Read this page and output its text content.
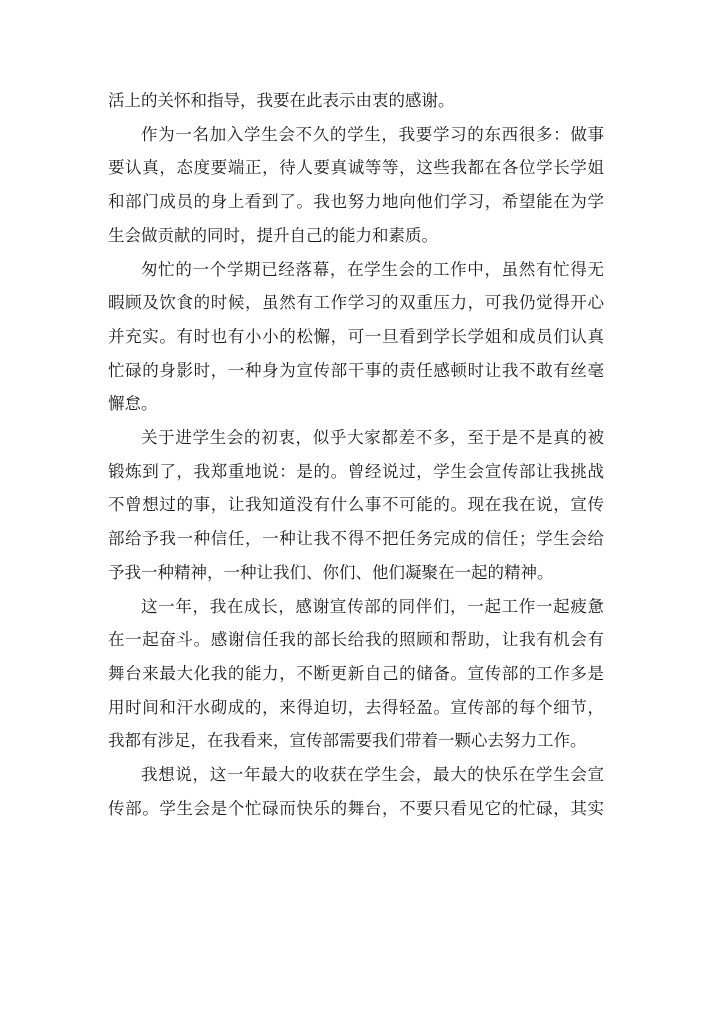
活上的关怀和指导，我要在此表示由衷的感谢。

作为一名加入学生会不久的学生，我要学习的东西很多：做事
要认真，态度要端正，待人要真诚等等，这些我都在各位学长学姐
和部门成员的身上看到了。我也努力地向他们学习，希望能在为学
生会做贡献的同时，提升自己的能力和素质。

匆忙的一个学期已经落幕，在学生会的工作中，虽然有忙得无
暇顾及饮食的时候，虽然有工作学习的双重压力，可我仍觉得开心
并充实。有时也有小小的松懈，可一旦看到学长学姐和成员们认真
忙碌的身影时，一种身为宣传部干事的责任感顿时让我不敢有丝毫
懈怠。

关于进学生会的初衷，似乎大家都差不多，至于是不是真的被
锻炼到了，我郑重地说：是的。曾经说过，学生会宣传部让我挑战
不曾想过的事，让我知道没有什么事不可能的。现在我在说，宣传
部给予我一种信任，一种让我不得不把任务完成的信任；学生会给
予我一种精神，一种让我们、你们、他们凝聚在一起的精神。

这一年，我在成长，感谢宣传部的同伴们，一起工作一起疲惫
在一起奋斗。感谢信任我的部长给我的照顾和帮助，让我有机会有
舞台来最大化我的能力，不断更新自己的储备。宣传部的工作多是
用时间和汗水砌成的，来得迫切，去得轻盈。宣传部的每个细节，
我都有涉足，在我看来，宣传部需要我们带着一颗心去努力工作。

我想说，这一年最大的收获在学生会，最大的快乐在学生会宣
传部。学生会是个忙碌而快乐的舞台，不要只看见它的忙碌，其实
